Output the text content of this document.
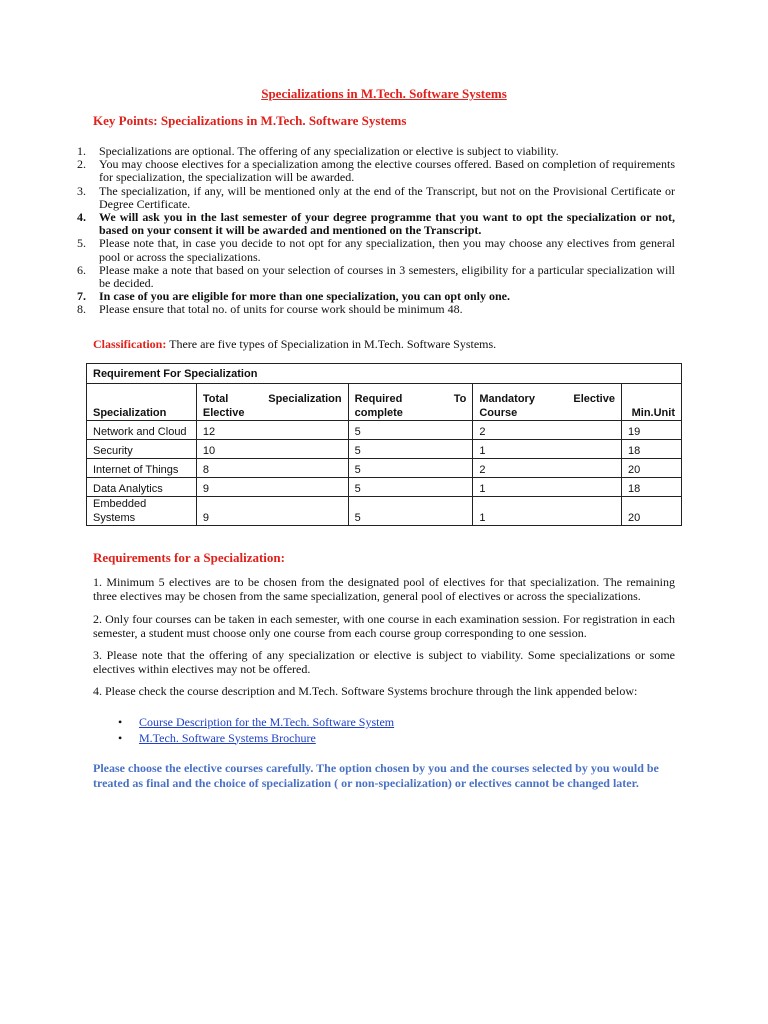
Specializations in M.Tech. Software Systems
Key Points: Specializations in M.Tech. Software Systems
1. Specializations are optional. The offering of any specialization or elective is subject to viability.
2. You may choose electives for a specialization among the elective courses offered. Based on completion of requirements for specialization, the specialization will be awarded.
3. The specialization, if any, will be mentioned only at the end of the Transcript, but not on the Provisional Certificate or Degree Certificate.
4. We will ask you in the last semester of your degree programme that you want to opt the specialization or not, based on your consent it will be awarded and mentioned on the Transcript.
5. Please note that, in case you decide to not opt for any specialization, then you may choose any electives from general pool or across the specializations.
6. Please make a note that based on your selection of courses in 3 semesters, eligibility for a particular specialization will be decided.
7. In case of you are eligible for more than one specialization, you can opt only one.
8. Please ensure that total no. of units for course work should be minimum 48.
Classification: There are five types of Specialization in M.Tech. Software Systems.
Requirement For Specialization				
Specialization	Total Specialization Elective	Required To complete	Mandatory Elective Course	Min.Unit
Network and Cloud	12	5	2	19
Security	10	5	1	18
Internet of Things	8	5	2	20
Data Analytics	9	5	1	18
Embedded Systems	9	5	1	20
Requirements for a Specialization:
1. Minimum 5 electives are to be chosen from the designated pool of electives for that specialization. The remaining three electives may be chosen from the same specialization, general pool of electives or across the specializations.
2. Only four courses can be taken in each semester, with one course in each examination session. For registration in each semester, a student must choose only one course from each course group corresponding to one session.
3. Please note that the offering of any specialization or elective is subject to viability. Some specializations or some electives within electives may not be offered.
4. Please check the course description and M.Tech. Software Systems brochure through the link appended below:
• Course Description for the M.Tech. Software System
• M.Tech. Software Systems Brochure
Please choose the elective courses carefully. The option chosen by you and the courses selected by you would be treated as final and the choice of specialization ( or non-specialization) or electives cannot be changed later.
